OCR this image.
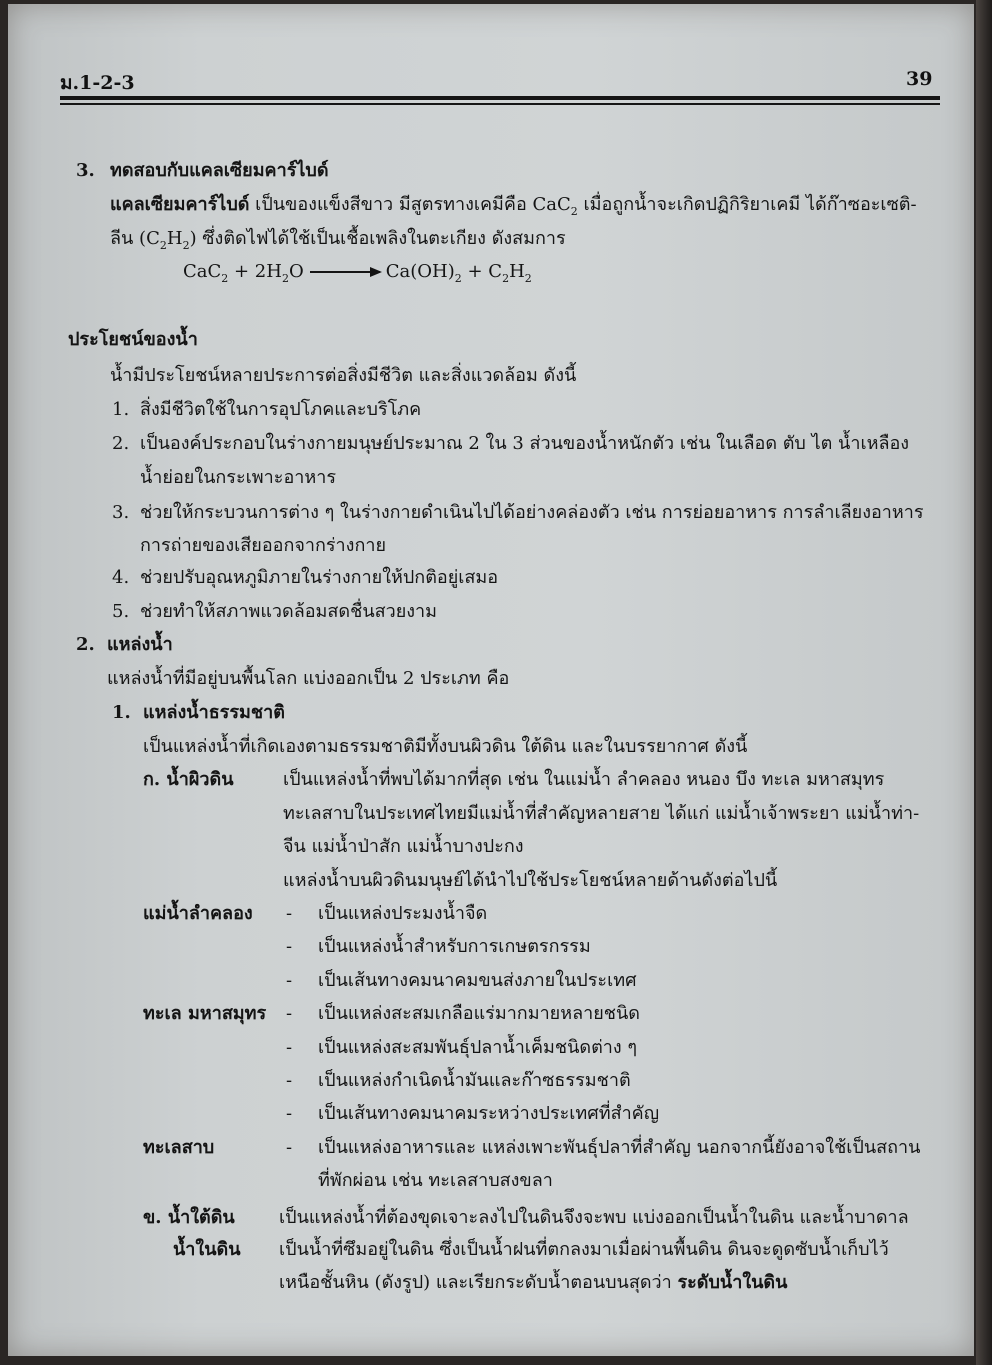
ม.1-2-3	39
3. ทดสอบกับแคลเซียมคาร์ไบด์
แคลเซียมคาร์ไบด์ เป็นของแข็งสีขาว มีสูตรทางเคมีคือ CaC$_2$ เมื่อถูกน้ำจะเกิดปฏิกิริยาเคมี ได้ก๊าซอะเซติ-
ลีน $(C_2H_2)$ ซึ่งติดไฟได้ใช้เป็นเชื้อเพลิงในตะเกียง ดังสมการ
$CaC_2 + 2H_2O$	$Ca(OH)_2 + C_2H_2$
ประโยชน์ของน้ำ
น้ำมีประโยชน์หลายประการต่อสิ่งมีชีวิต และสิ่งแวดล้อม ดังนี้
1. สิ่งมีชีวิตใช้ในการอุปโภคและบริโภค
2. เป็นองค์ประกอบในร่างกายมนุษย์ประมาณ 2 ใน 3 ส่วนของน้ำหนักตัว เช่น ในเลือด ตับ ไต น้ำเหลือง
น้ำย่อยในกระเพาะอาหาร
3. ช่วยให้กระบวนการต่าง ๆ ในร่างกายดำเนินไปได้อย่างคล่องตัว เช่น การย่อยอาหาร การลำเลียงอาหาร
การถ่ายของเสียออกจากร่างกาย
4. ช่วยปรับอุณหภูมิภายในร่างกายให้ปกติอยู่เสมอ
5. ช่วยทำให้สภาพแวดล้อมสดชื่นสวยงาม
2. แหล่งน้ำ
แหล่งน้ำที่มีอยู่บนพื้นโลก แบ่งออกเป็น 2 ประเภท คือ
1. แหล่งน้ำธรรมชาติ
เป็นแหล่งน้ำที่เกิดเองตามธรรมชาติมีทั้งบนผิวดิน ใต้ดิน และในบรรยากาศ ดังนี้
ก. น้ำผิวดิน	เป็นแหล่งน้ำที่พบได้มากที่สุด เช่น ในแม่น้ำ ลำคลอง หนอง บึง ทะเล มหาสมุทร
ทะเลสาบในประเทศไทยมีแม่น้ำที่สำคัญหลายสาย ได้แก่ แม่น้ำเจ้าพระยา แม่น้ำท่า-
จีน แม่น้ำป่าสัก แม่น้ำบางปะกง
แหล่งน้ำบนผิวดินมนุษย์ได้นำไปใช้ประโยชน์หลายด้านดังต่อไปนี้
แม่น้ำลำคลอง - เป็นแหล่งประมงน้ำจืด
- เป็นแหล่งน้ำสำหรับการเกษตรกรรม
- เป็นเส้นทางคมนาคมขนส่งภายในประเทศ
ทะเล มหาสมุทร - เป็นแหล่งสะสมเกลือแร่มากมายหลายชนิด
- เป็นแหล่งสะสมพันธุ์ปลาน้ำเค็มชนิดต่าง ๆ
- เป็นแหล่งกำเนิดน้ำมันและก๊าซธรรมชาติ
- เป็นเส้นทางคมนาคมระหว่างประเทศที่สำคัญ
ทะเลสาบ	- เป็นแหล่งอาหารและ แหล่งเพาะพันธุ์ปลาที่สำคัญ นอกจากนี้ยังอาจใช้เป็นสถาน
ที่พักผ่อน เช่น ทะเลสาบสงขลา
ข. น้ำใต้ดิน เป็นแหล่งน้ำที่ต้องขุดเจาะลงไปในดินจึงจะพบ แบ่งออกเป็นน้ำในดิน และน้ำบาดาล
น้ำในดิน เป็นน้ำที่ซึมอยู่ในดิน ซึ่งเป็นน้ำฝนที่ตกลงมาเมื่อผ่านพื้นดิน ดินจะดูดซับน้ำเก็บไว้
เหนือชั้นหิน (ดังรูป) และเรียกระดับน้ำตอนบนสุดว่า ระดับน้ำในดิน
